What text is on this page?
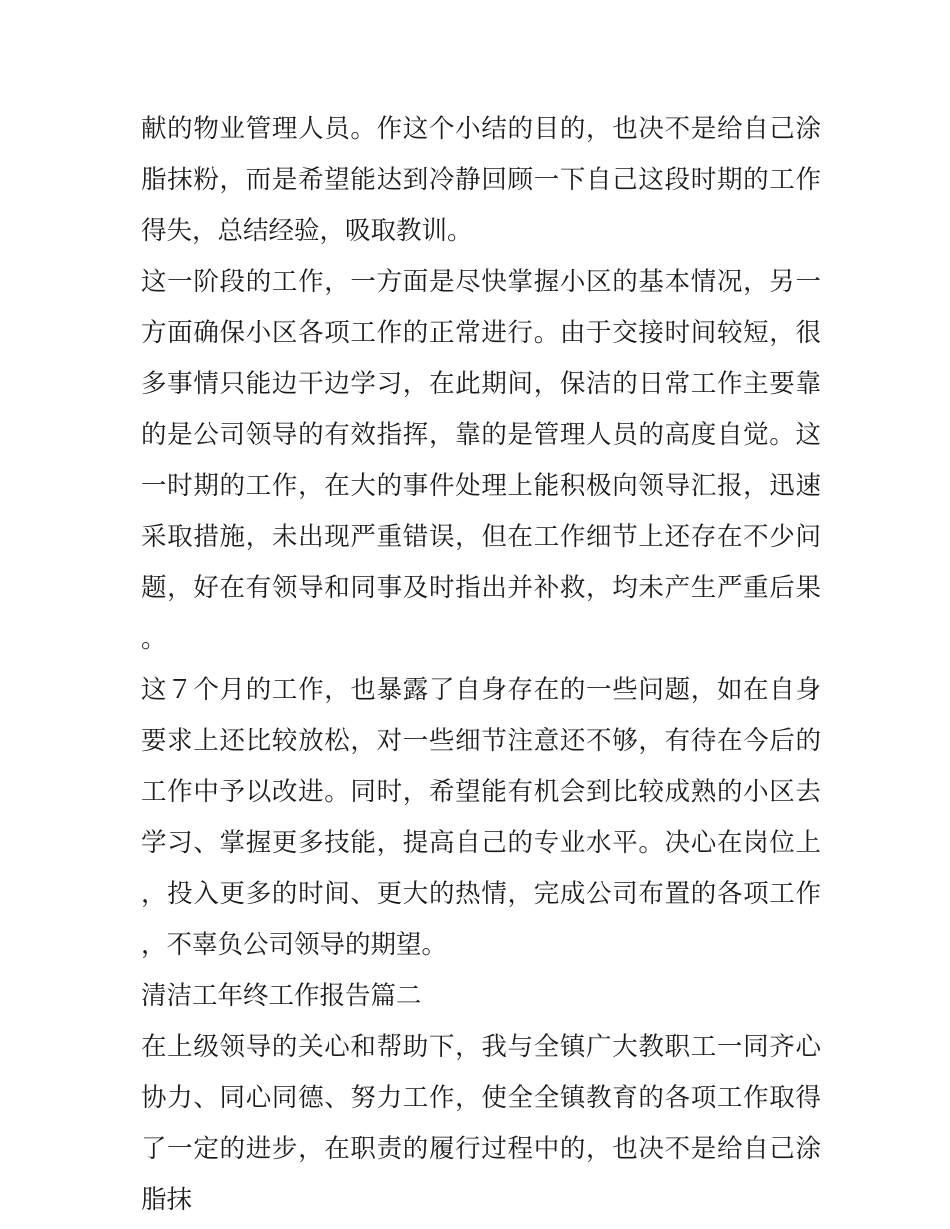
献的物业管理人员。作这个小结的目的，也决不是给自己涂脂抹粉，而是希望能达到冷静回顾一下自己这段时期的工作得失，总结经验，吸取教训。

这一阶段的工作，一方面是尽快掌握小区的基本情况，另一方面确保小区各项工作的正常进行。由于交接时间较短，很多事情只能边干边学习，在此期间，保洁的日常工作主要靠的是公司领导的有效指挥，靠的是管理人员的高度自觉。这一时期的工作，在大的事件处理上能积极向领导汇报，迅速采取措施，未出现严重错误，但在工作细节上还存在不少问题，好在有领导和同事及时指出并补救，均未产生严重后果。

这７个月的工作，也暴露了自身存在的一些问题，如在自身要求上还比较放松，对一些细节注意还不够，有待在今后的工作中予以改进。同时，希望能有机会到比较成熟的小区去学习、掌握更多技能，提高自己的专业水平。决心在岗位上，投入更多的时间、更大的热情，完成公司布置的各项工作，不辜负公司领导的期望。

清洁工年终工作报告篇二

在上级领导的关心和帮助下，我与全镇广大教职工一同齐心协力、同心同德、努力工作，使全全镇教育的各项工作取得了一定的进步，在职责的履行过程中的，也决不是给自己涂脂抹
